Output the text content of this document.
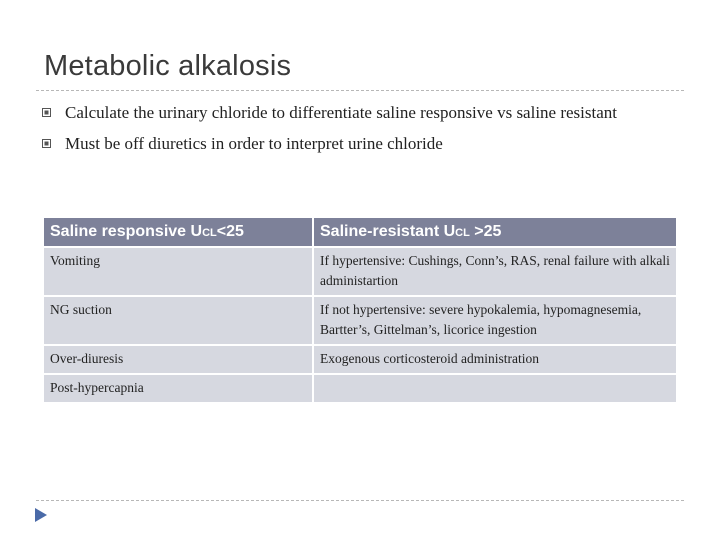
Metabolic alkalosis
Calculate the urinary chloride to differentiate saline responsive vs saline resistant
Must be off diuretics in order to interpret urine chloride
Saline responsive UCL<25	Saline-resistant UCL >25
Vomiting	If hypertensive: Cushings, Conn’s, RAS, renal failure with alkali administartion
NG suction	If not hypertensive: severe hypokalemia, hypomagnesemia, Bartter’s, Gittelman’s, licorice ingestion
Over-diuresis	Exogenous corticosteroid administration
Post-hypercapnia	
